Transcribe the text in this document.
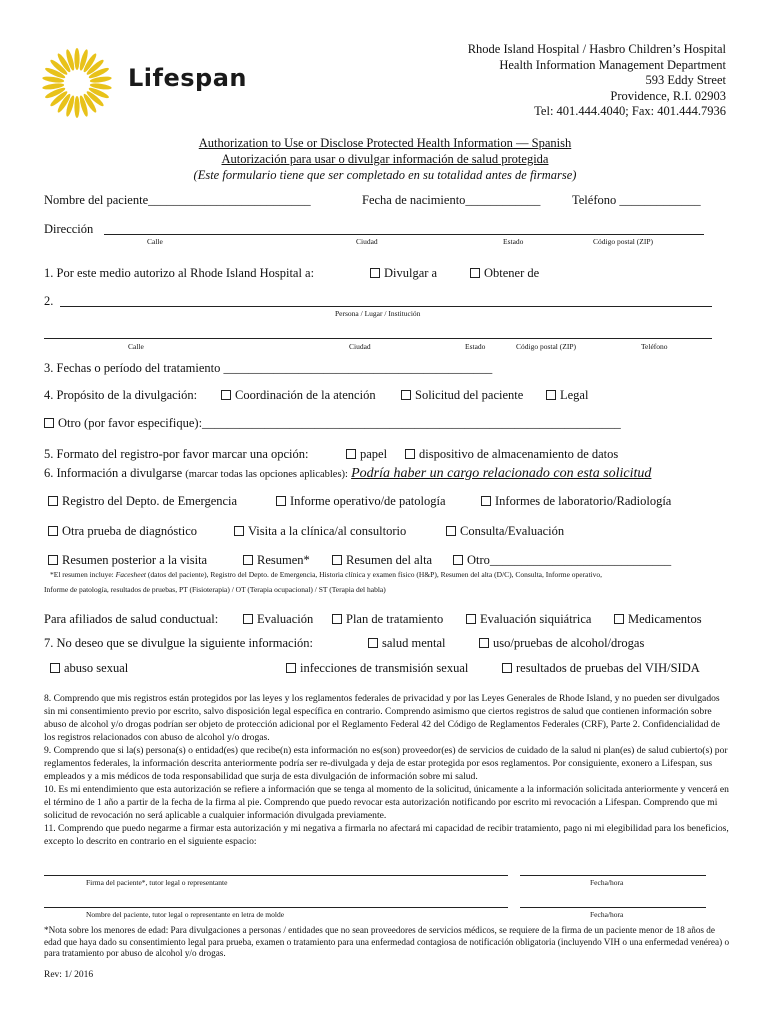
Lifespan
Rhode Island Hospital / Hasbro Children’s Hospital
Health Information Management Department
593 Eddy Street
Providence, R.I. 02903
Tel: 401.444.4040; Fax: 401.444.7936
Authorization to Use or Disclose Protected Health Information — Spanish
Autorización para usar o divulgar información de salud protegida
(Este formulario tiene que ser completado en su totalidad antes de firmarse)
Nombre del paciente__________________________	Fecha de nacimiento____________	Teléfono _____________
Dirección
Calle	Ciudad	Estado	Código postal (ZIP)
1. Por este medio autorizo al Rhode Island Hospital a:	Divulgar a	Obtener de
2.
Persona / Lugar / Institución
Calle	Ciudad	Estado	Código postal (ZIP)	Teléfono
3. Fechas o período del tratamiento ___________________________________________
4. Propósito de la divulgación:	Coordinación de la atención	Solicitud del paciente	Legal
Otro (por favor especifique):___________________________________________________________________
5. Formato del registro-por favor marcar una opción:	papel	dispositivo de almacenamiento de datos
6. Información a divulgarse (marcar todas las opciones aplicables): Podría haber un cargo relacionado con esta solicitud
Registro del Depto. de Emergencia	Informe operativo/de patología	Informes de laboratorio/Radiología
Otra prueba de diagnóstico	Visita a la clínica/al consultorio	Consulta/Evaluación
Resumen posterior a la visita	Resumen*	Resumen del alta	Otro_____________________________
*El resumen incluye: Facesheet (datos del paciente), Registro del Depto. de Emergencia, Historia clínica y examen físico (H&P), Resumen del alta (D/C), Consulta, Informe operativo,
Informe de patología, resultados de pruebas, PT (Fisioterapia) / OT (Terapia ocupacional) / ST (Terapia del habla)
Para afiliados de salud conductual:	Evaluación	Plan de tratamiento	Evaluación siquiátrica	Medicamentos
7. No deseo que se divulgue la siguiente información:	salud mental	uso/pruebas de alcohol/drogas
abuso sexual	infecciones de transmisión sexual	resultados de pruebas del VIH/SIDA
8. Comprendo que mis registros están protegidos por las leyes y los reglamentos federales de privacidad y por las Leyes Generales de Rhode Island, y no pueden ser divulgados sin mi consentimiento previo por escrito, salvo disposición legal específica en contrario. Comprendo asimismo que ciertos registros de salud que contienen información sobre abuso de alcohol y/o drogas podrían ser objeto de protección adicional por el Reglamento Federal 42 del Código de Reglamentos Federales (CRF), Parte 2. Confidencialidad de los registros relacionados con abuso de alcohol y/o drogas.
9. Comprendo que si la(s) persona(s) o entidad(es) que recibe(n) esta información no es(son) proveedor(es) de servicios de cuidado de la salud ni plan(es) de salud cubierto(s) por reglamentos federales, la información descrita anteriormente podría ser re-divulgada y deja de estar protegida por esos reglamentos. Por consiguiente, exonero a Lifespan, sus empleados y a mis médicos de toda responsabilidad que surja de esta divulgación de información sobre mi salud.
10. Es mi entendimiento que esta autorización se refiere a información que se tenga al momento de la solicitud, únicamente a la información solicitada anteriormente y vencerá en el término de 1 año a partir de la fecha de la firma al pie. Comprendo que puedo revocar esta autorización notificando por escrito mi revocación a Lifespan. Comprendo que mi solicitud de revocación no será aplicable a cualquier información divulgada previamente.
11. Comprendo que puedo negarme a firmar esta autorización y mi negativa a firmarla no afectará mi capacidad de recibir tratamiento, pago ni mi elegibilidad para los beneficios, excepto lo descrito en contrario en el siguiente espacio:
Firma del paciente*, tutor legal o representante	Fecha/hora
Nombre del paciente, tutor legal o representante en letra de molde	Fecha/hora
*Nota sobre los menores de edad: Para divulgaciones a personas / entidades que no sean proveedores de servicios médicos, se requiere de la firma de un paciente menor de 18 años de edad que haya dado su consentimiento legal para prueba, examen o tratamiento para una enfermedad contagiosa de notificación obligatoria (incluyendo VIH o una enfermedad venérea) o para tratamiento por abuso de alcohol y/o drogas.
Rev: 1/ 2016
